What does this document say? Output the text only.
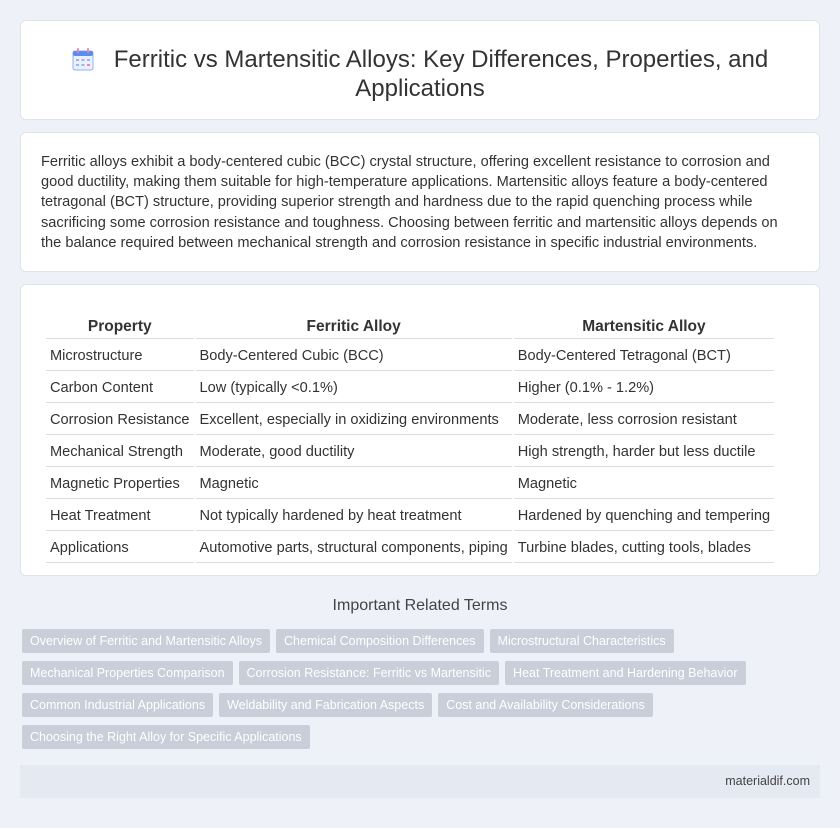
Ferritic vs Martensitic Alloys: Key Differences, Properties, and Applications
Ferritic alloys exhibit a body-centered cubic (BCC) crystal structure, offering excellent resistance to corrosion and good ductility, making them suitable for high-temperature applications. Martensitic alloys feature a body-centered tetragonal (BCT) structure, providing superior strength and hardness due to the rapid quenching process while sacrificing some corrosion resistance and toughness. Choosing between ferritic and martensitic alloys depends on the balance required between mechanical strength and corrosion resistance in specific industrial environments.
Property	Ferritic Alloy	Martensitic Alloy
Microstructure	Body-Centered Cubic (BCC)	Body-Centered Tetragonal (BCT)
Carbon Content	Low (typically <0.1%)	Higher (0.1% - 1.2%)
Corrosion Resistance	Excellent, especially in oxidizing environments	Moderate, less corrosion resistant
Mechanical Strength	Moderate, good ductility	High strength, harder but less ductile
Magnetic Properties	Magnetic	Magnetic
Heat Treatment	Not typically hardened by heat treatment	Hardened by quenching and tempering
Applications	Automotive parts, structural components, piping	Turbine blades, cutting tools, blades
Important Related Terms
Overview of Ferritic and Martensitic Alloys	Chemical Composition Differences	Microstructural Characteristics
Mechanical Properties Comparison	Corrosion Resistance: Ferritic vs Martensitic	Heat Treatment and Hardening Behavior
Common Industrial Applications	Weldability and Fabrication Aspects	Cost and Availability Considerations
Choosing the Right Alloy for Specific Applications
materialdif.com
